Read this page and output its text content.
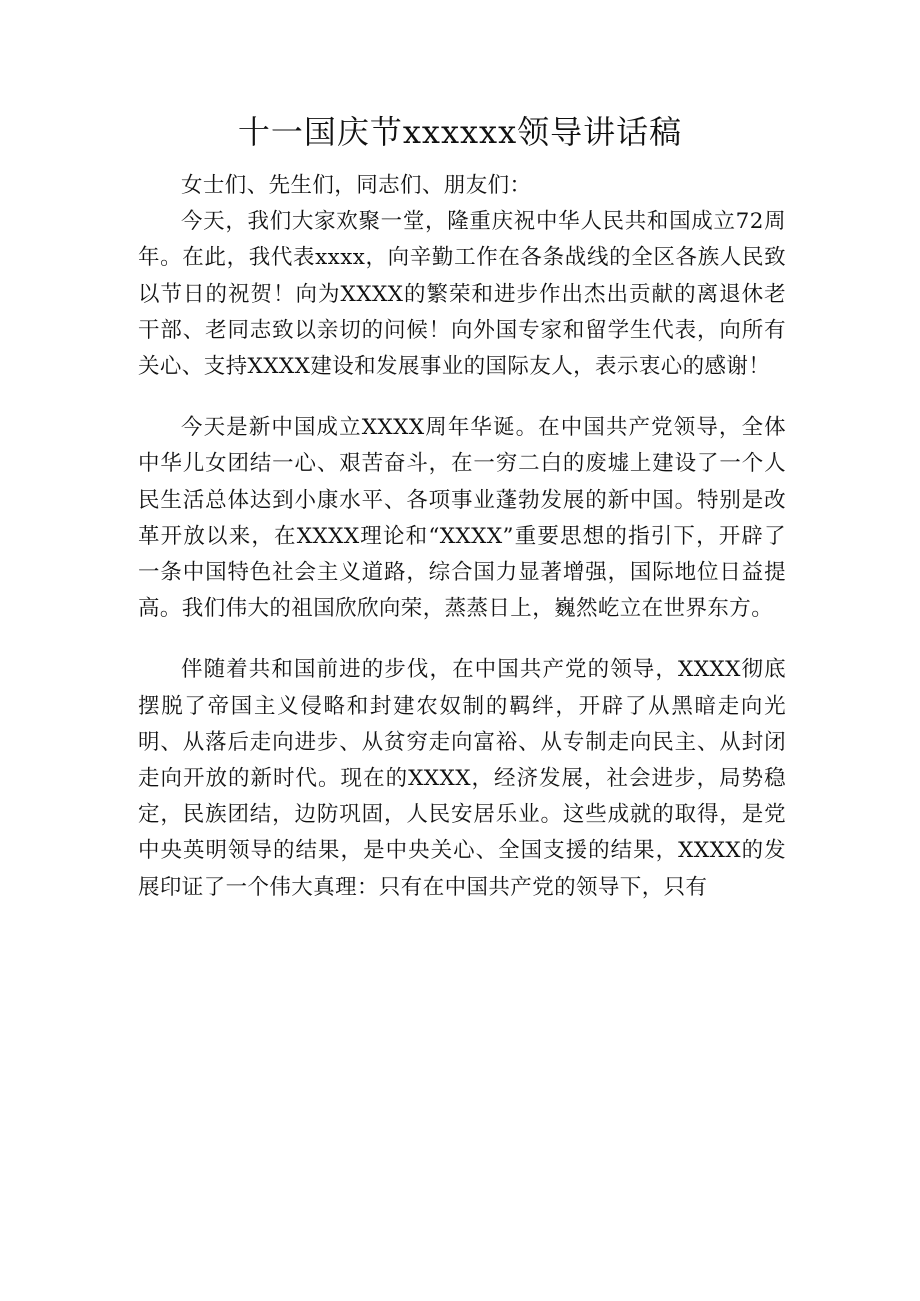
十一国庆节xxxxxx领导讲话稿

女士们、先生们，同志们、朋友们：

今天，我们大家欢聚一堂，隆重庆祝中华人民共和国成立72周年。在此，我代表xxxx，向辛勤工作在各条战线的全区各族人民致以节日的祝贺！向为XXXX的繁荣和进步作出杰出贡献的离退休老干部、老同志致以亲切的问候！向外国专家和留学生代表，向所有关心、支持XXXX建设和发展事业的国际友人，表示衷心的感谢！

今天是新中国成立XXXX周年华诞。在中国共产党领导，全体中华儿女团结一心、艰苦奋斗，在一穷二白的废墟上建设了一个人民生活总体达到小康水平、各项事业蓬勃发展的新中国。特别是改革开放以来，在XXXX理论和“XXXX”重要思想的指引下，开辟了一条中国特色社会主义道路，综合国力显著增强，国际地位日益提高。我们伟大的祖国欣欣向荣，蒸蒸日上，巍然屹立在世界东方。

伴随着共和国前进的步伐，在中国共产党的领导，XXXX彻底摆脱了帝国主义侵略和封建农奴制的羁绊，开辟了从黑暗走向光明、从落后走向进步、从贫穷走向富裕、从专制走向民主、从封闭走向开放的新时代。现在的XXXX，经济发展，社会进步，局势稳定，民族团结，边防巩固，人民安居乐业。这些成就的取得，是党中央英明领导的结果，是中央关心、全国支援的结果，XXXX的发展印证了一个伟大真理：只有在中国共产党的领导下，只有
